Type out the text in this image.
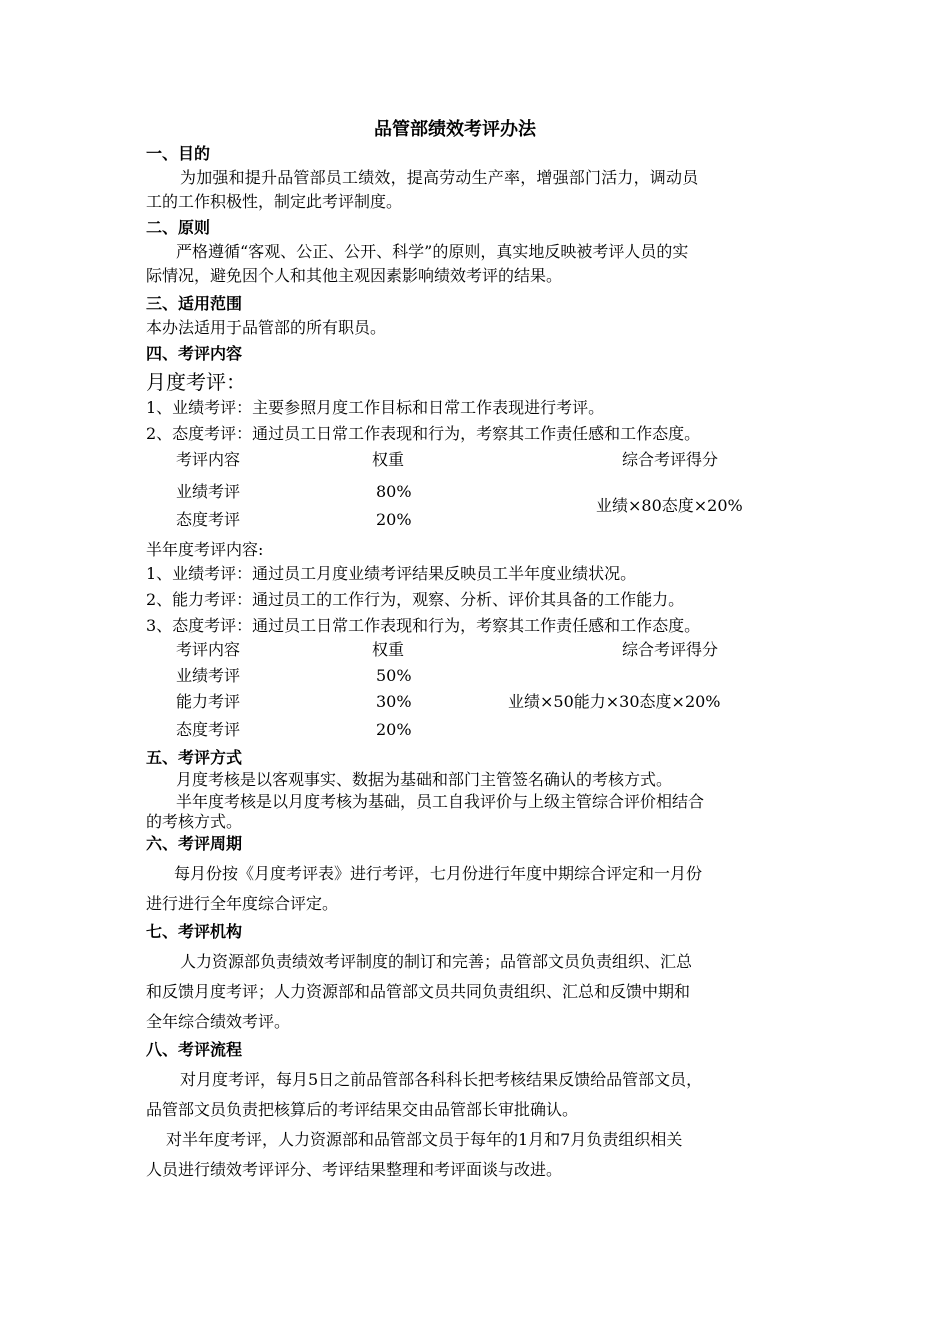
品管部绩效考评办法
一、目的
为加强和提升品管部员工绩效，提高劳动生产率，增强部门活力，调动员
工的工作积极性，制定此考评制度。
二、原则
严格遵循“客观、公正、公开、科学”的原则，真实地反映被考评人员的实
际情况，避免因个人和其他主观因素影响绩效考评的结果。
三、适用范围
本办法适用于品管部的所有职员。
四、考评内容
月度考评：
1、业绩考评：主要参照月度工作目标和日常工作表现进行考评。
2、态度考评：通过员工日常工作表现和行为，考察其工作责任感和工作态度。
考评内容	权重	综合考评得分
业绩考评	80%
态度考评	20%
业绩×80态度×20%
半年度考评内容:
1、业绩考评：通过员工月度业绩考评结果反映员工半年度业绩状况。
2、能力考评：通过员工的工作行为，观察、分析、评价其具备的工作能力。
3、态度考评：通过员工日常工作表现和行为，考察其工作责任感和工作态度。
考评内容	权重	综合考评得分
业绩考评	50%
能力考评	30%
态度考评	20%
业绩×50能力×30态度×20%
五、考评方式
月度考核是以客观事实、数据为基础和部门主管签名确认的考核方式。
半年度考核是以月度考核为基础，员工自我评价与上级主管综合评价相结合
的考核方式。
六、考评周期
每月份按《月度考评表》进行考评，七月份进行年度中期综合评定和一月份
进行进行全年度综合评定。
七、考评机构
人力资源部负责绩效考评制度的制订和完善；品管部文员负责组织、汇总
和反馈月度考评；人力资源部和品管部文员共同负责组织、汇总和反馈中期和
全年综合绩效考评。
八、考评流程
对月度考评，每月5日之前品管部各科科长把考核结果反馈给品管部文员，
品管部文员负责把核算后的考评结果交由品管部长审批确认。
对半年度考评，人力资源部和品管部文员于每年的1月和7月负责组织相关
人员进行绩效考评评分、考评结果整理和考评面谈与改进。
